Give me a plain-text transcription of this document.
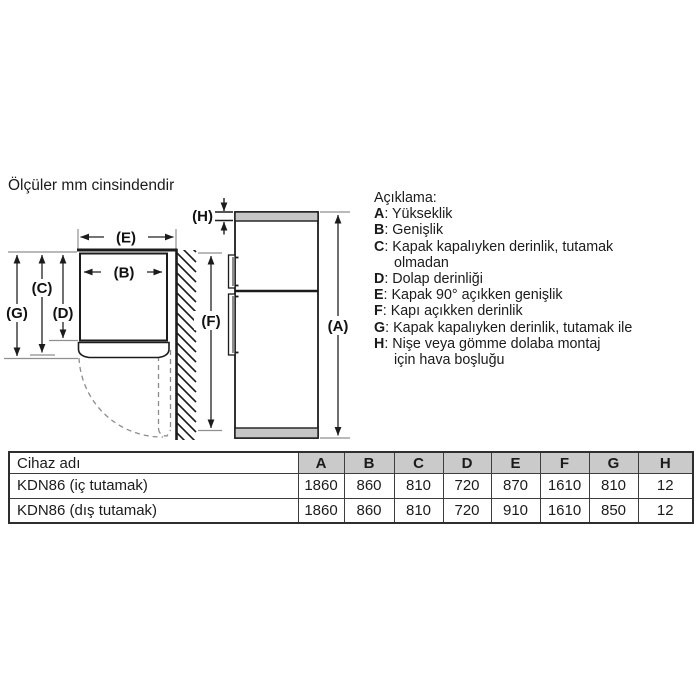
Ölçüler mm cinsindendir
(E)
(B)
(C)
(G) (D)	(F)
(H)
(A)
Açıklama:
A: Yükseklik
B: Genişlik
C: Kapak kapalıyken derinlik, tutamak
olmadan
D: Dolap derinliği
E: Kapak 90° açıkken genişlik
F: Kapı açıkken derinlik
G: Kapak kapalıyken derinlik, tutamak ile
H: Nişe veya gömme dolaba montaj
için hava boşluğu
Cihaz adı	A	B	C	D	E	F	G	H
KDN86 (iç tutamak)	1860	860	810	720	870	1610	810	12
KDN86 (dış tutamak)	1860	860	810	720	910	1610	850	12
